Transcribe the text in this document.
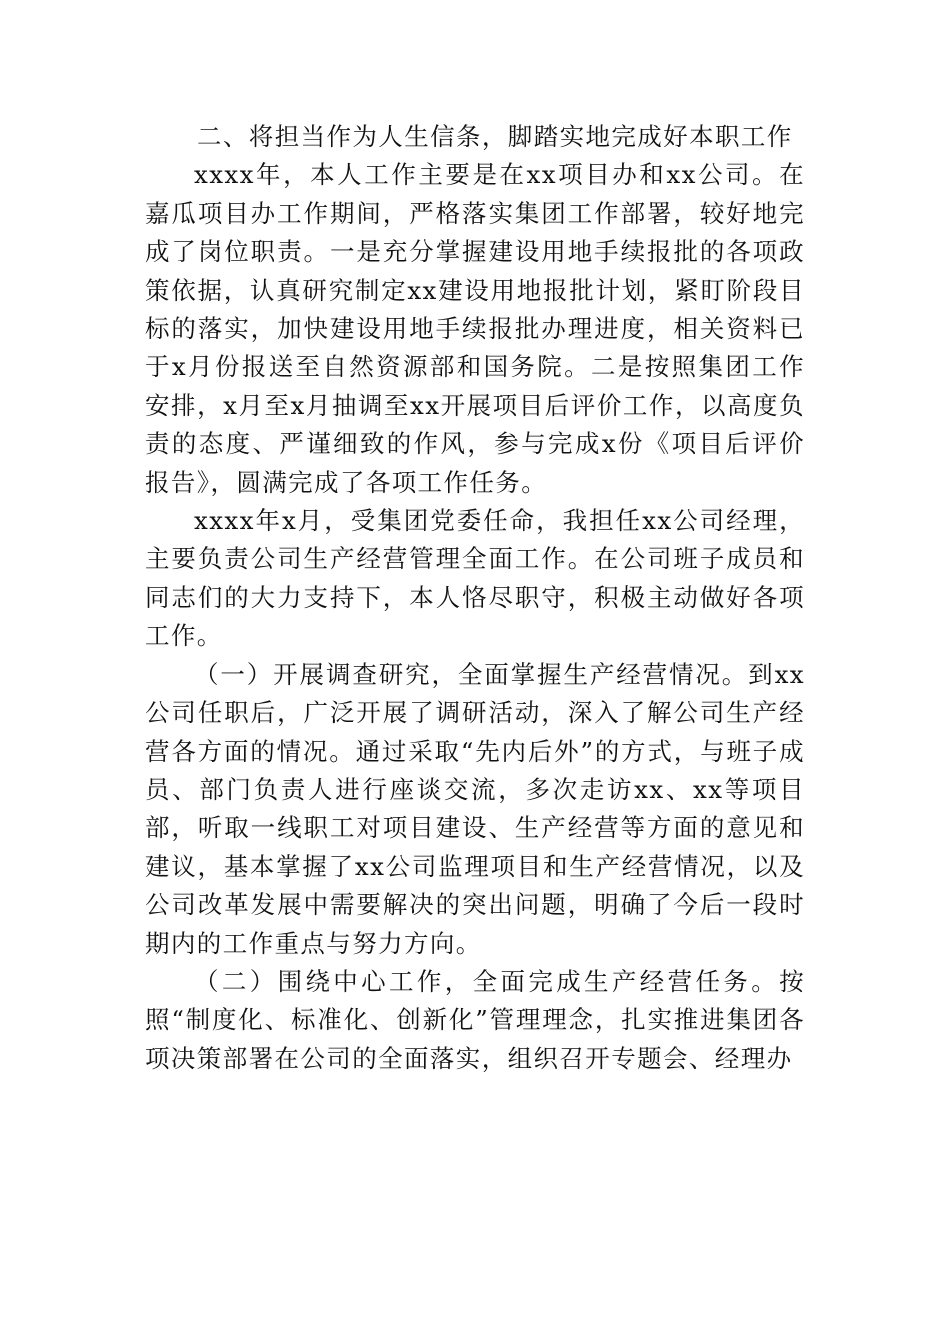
二、将担当作为人生信条，脚踏实地完成好本职工作

xxxx年，本人工作主要是在xx项目办和xx公司。在嘉瓜项目办工作期间，严格落实集团工作部署，较好地完成了岗位职责。一是充分掌握建设用地手续报批的各项政策依据，认真研究制定xx建设用地报批计划，紧盯阶段目标的落实，加快建设用地手续报批办理进度，相关资料已于x月份报送至自然资源部和国务院。二是按照集团工作安排，x月至x月抽调至xx开展项目后评价工作，以高度负责的态度、严谨细致的作风，参与完成x份《项目后评价报告》，圆满完成了各项工作任务。

xxxx年x月，受集团党委任命，我担任xx公司经理，主要负责公司生产经营管理全面工作。在公司班子成员和同志们的大力支持下，本人恪尽职守，积极主动做好各项工作。

（一）开展调查研究，全面掌握生产经营情况。到xx公司任职后，广泛开展了调研活动，深入了解公司生产经营各方面的情况。通过采取“先内后外”的方式，与班子成员、部门负责人进行座谈交流，多次走访xx、xx等项目部，听取一线职工对项目建设、生产经营等方面的意见和建议，基本掌握了xx公司监理项目和生产经营情况，以及公司改革发展中需要解决的突出问题，明确了今后一段时期内的工作重点与努力方向。

（二）围绕中心工作，全面完成生产经营任务。按照“制度化、标准化、创新化”管理理念，扎实推进集团各项决策部署在公司的全面落实，组织召开专题会、经理办
